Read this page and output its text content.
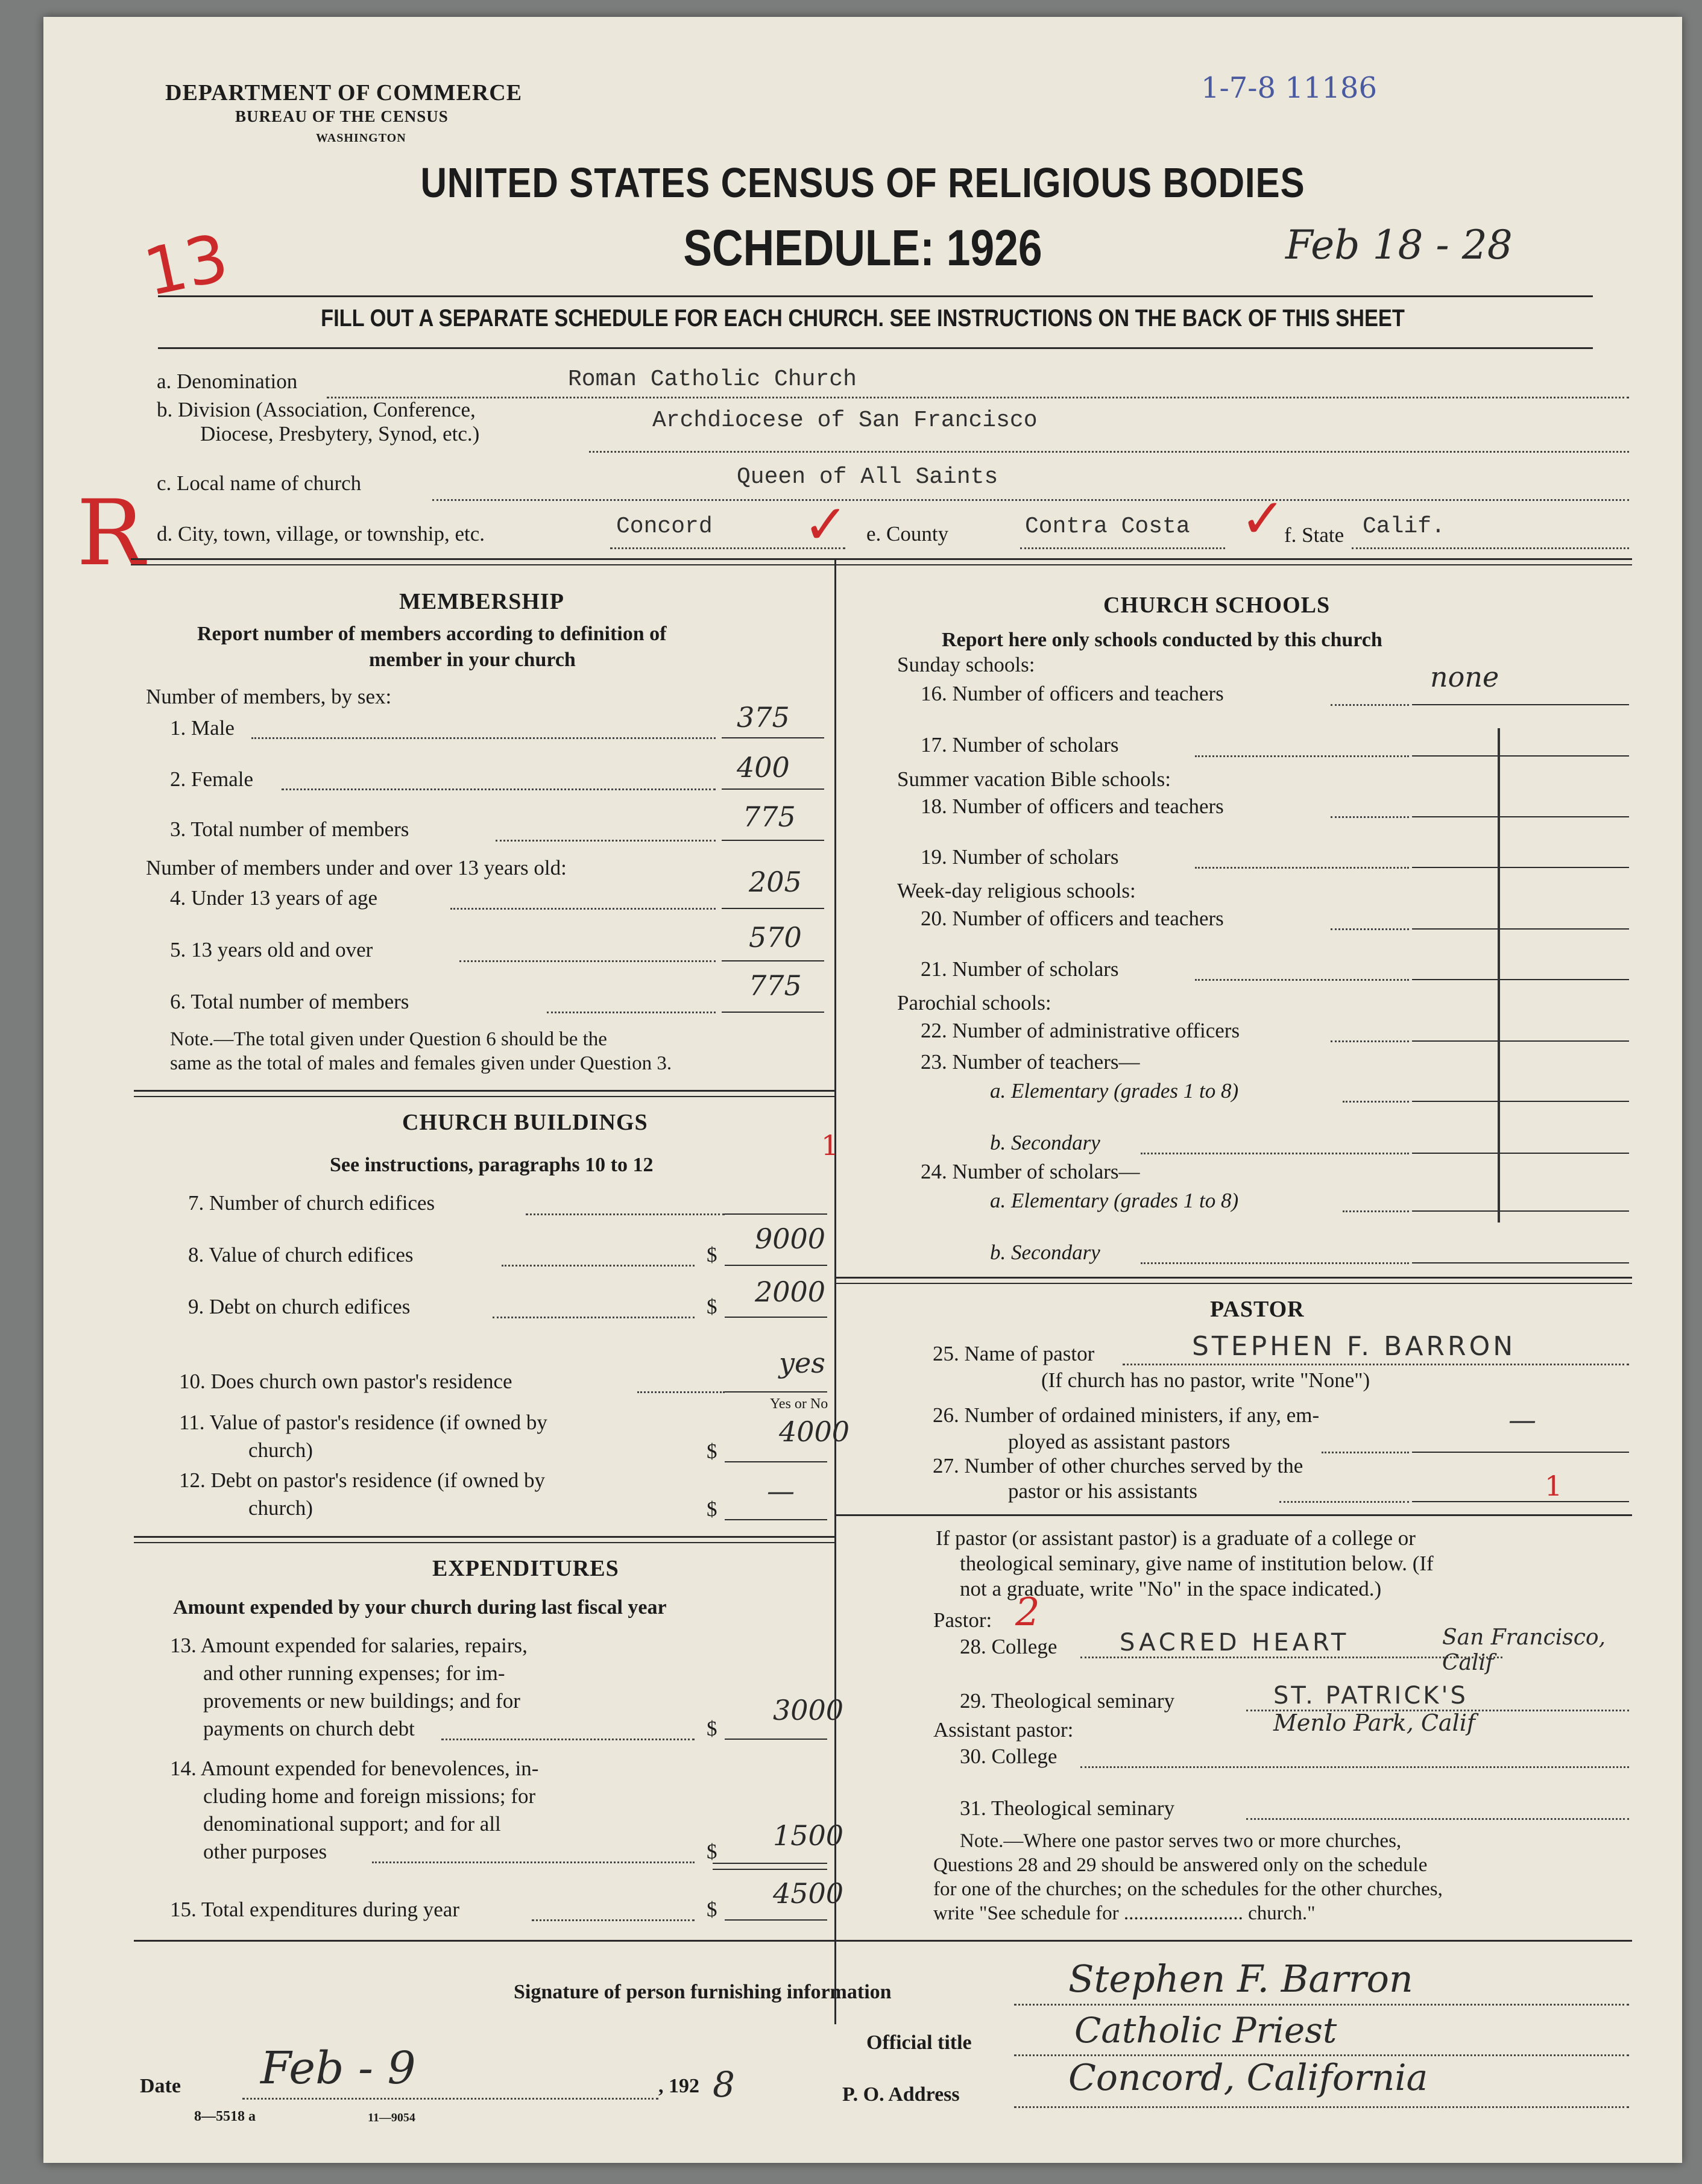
DEPARTMENT OF COMMERCE
BUREAU OF THE CENSUS
WASHINGTON
1-7-8 11186
UNITED STATES CENSUS OF RELIGIOUS BODIES
SCHEDULE: 1926	Feb 18 - 28
13
FILL OUT A SEPARATE SCHEDULE FOR EACH CHURCH. SEE INSTRUCTIONS ON THE BACK OF THIS SHEET
R
a. Denomination	Roman Catholic Church
b. Division (Association, Conference,
Diocese, Presbytery, Synod, etc.)
Archdiocese of San Francisco
c. Local name of church	Queen of All Saints
d. City, town, village, or township, etc.	Concord ✓ e. County	Contra Costa ✓
f. State Calif.
MEMBERSHIP
Report number of members according to definition of
member in your church
Number of members, by sex:
1. Male	375
2. Female	400
3. Total number of members	775
Number of members under and over 13 years old:
4. Under 13 years of age	205
5. 13 years old and over	570
6. Total number of members	775
Note.—The total given under Question 6 should be the
same as the total of males and females given under Question 3.
CHURCH BUILDINGS
See instructions, paragraphs 10 to 12
7. Number of church edifices
1
8. Value of church edifices	$ 9000
9. Debt on church edifices	$ 2000
10. Does church own pastor's residence
yes
Yes or No
11. Value of pastor's residence (if owned by
church)	$
4000
12. Debt on pastor's residence (if owned by
church)	$
—
EXPENDITURES
Amount expended by your church during last fiscal year
13. Amount expended for salaries, repairs,
and other running expenses; for im-
provements or new buildings; and for
payments on church debt	$
3000
14. Amount expended for benevolences, in-
cluding home and foreign missions; for
denominational support; and for all
other purposes	$ 1500
15. Total expenditures during year	$ 4500
CHURCH SCHOOLS
Report here only schools conducted by this church
Sunday schools:
16. Number of officers and teachers
none
17. Number of scholars
Summer vacation Bible schools:
18. Number of officers and teachers
19. Number of scholars
Week-day religious schools:
20. Number of officers and teachers
21. Number of scholars
Parochial schools:
22. Number of administrative officers
23. Number of teachers—
a. Elementary (grades 1 to 8)
b. Secondary
24. Number of scholars—
a. Elementary (grades 1 to 8)
b. Secondary
PASTOR
25. Name of pastor	STEPHEN F. BARRON
(If church has no pastor, write "None")
26. Number of ordained ministers, if any, em-
ployed as assistant pastors
—
27. Number of other churches served by the
pastor or his assistants	1
If pastor (or assistant pastor) is a graduate of a college or
theological seminary, give name of institution below. (If
not a graduate, write "No" in the space indicated.)
Pastor: 2
28. College	SACRED HEART	San Francisco, Calif
29. Theological seminary	ST. PATRICK'S
Menlo Park, Calif
Assistant pastor:
30. College
31. Theological seminary
Note.—Where one pastor serves two or more churches,
Questions 28 and 29 should be answered only on the schedule
for one of the churches; on the schedules for the other churches,
write "See schedule for ........................ church."
Signature of person furnishing information	Stephen F. Barron
Official title	Catholic Priest
P. O. Address	Concord, California
Date Feb - 9	, 192 8
8—5518 a	11—9054
